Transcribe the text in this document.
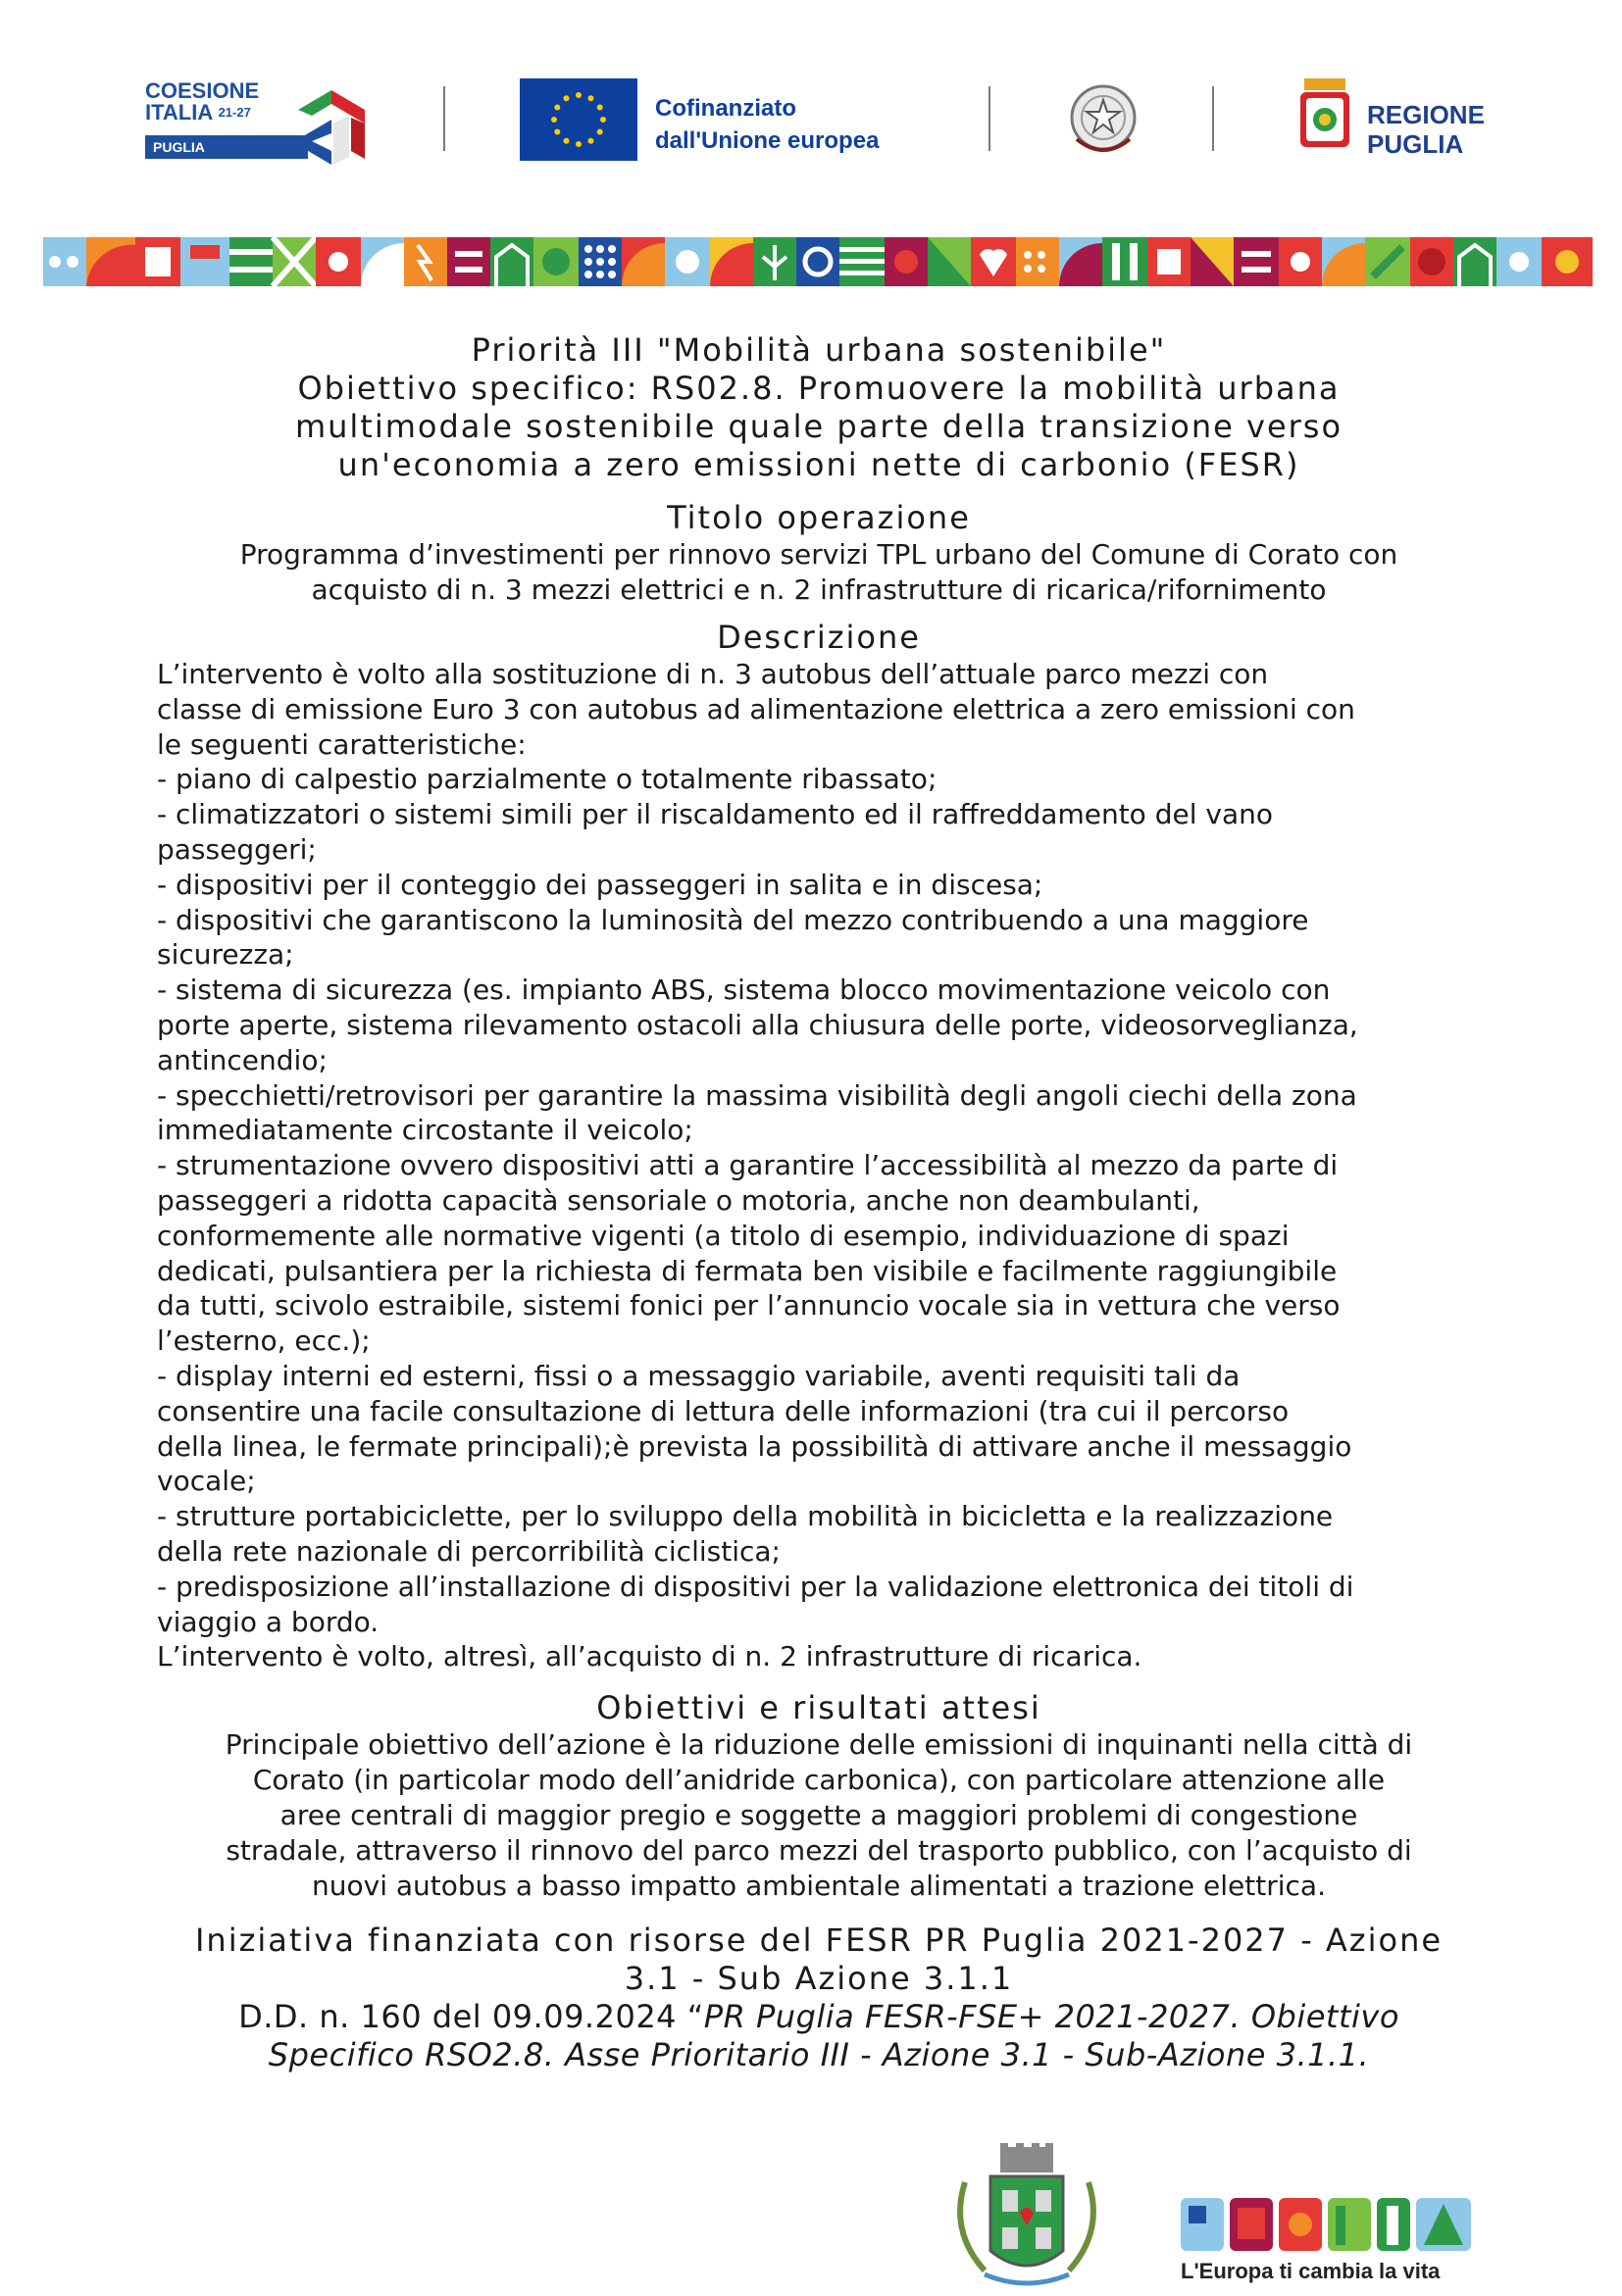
COESIONE
ITALIA $^{21-27}$
PUGLIA
Cofinanziato
dall'Unione europea
REGIONE
PUGLIA
Priorità III "Mobilità urbana sostenibile"
Obiettivo specifico: RS02.8. Promuovere la mobilità urbana
multimodale sostenibile quale parte della transizione verso
un'economia a zero emissioni nette di carbonio (FESR)
Titolo operazione
Programma d’investimenti per rinnovo servizi TPL urbano del Comune di Corato con
acquisto di n. 3 mezzi elettrici e n. 2 infrastrutture di ricarica/rifornimento
Descrizione
L’intervento è volto alla sostituzione di n. 3 autobus dell’attuale parco mezzi con
classe di emissione Euro 3 con autobus ad alimentazione elettrica a zero emissioni con
le seguenti caratteristiche:
- piano di calpestio parzialmente o totalmente ribassato;
- climatizzatori o sistemi simili per il riscaldamento ed il raffreddamento del vano
passeggeri;
- dispositivi per il conteggio dei passeggeri in salita e in discesa;
- dispositivi che garantiscono la luminosità del mezzo contribuendo a una maggiore
sicurezza;
- sistema di sicurezza (es. impianto ABS, sistema blocco movimentazione veicolo con
porte aperte, sistema rilevamento ostacoli alla chiusura delle porte, videosorveglianza,
antincendio;
- specchietti/retrovisori per garantire la massima visibilità degli angoli ciechi della zona
immediatamente circostante il veicolo;
- strumentazione ovvero dispositivi atti a garantire l’accessibilità al mezzo da parte di
passeggeri a ridotta capacità sensoriale o motoria, anche non deambulanti,
conformemente alle normative vigenti (a titolo di esempio, individuazione di spazi
dedicati, pulsantiera per la richiesta di fermata ben visibile e facilmente raggiungibile
da tutti, scivolo estraibile, sistemi fonici per l’annuncio vocale sia in vettura che verso
l’esterno, ecc.);
- display interni ed esterni, fissi o a messaggio variabile, aventi requisiti tali da
consentire una facile consultazione di lettura delle informazioni (tra cui il percorso
della linea, le fermate principali);è prevista la possibilità di attivare anche il messaggio
vocale;
- strutture portabiciclette, per lo sviluppo della mobilità in bicicletta e la realizzazione
della rete nazionale di percorribilità ciclistica;
- predisposizione all’installazione di dispositivi per la validazione elettronica dei titoli di
viaggio a bordo.
L’intervento è volto, altresì, all’acquisto di n. 2 infrastrutture di ricarica.
Obiettivi e risultati attesi
Principale obiettivo dell’azione è la riduzione delle emissioni di inquinanti nella città di
Corato (in particolar modo dell’anidride carbonica), con particolare attenzione alle
aree centrali di maggior pregio e soggette a maggiori problemi di congestione
stradale, attraverso il rinnovo del parco mezzi del trasporto pubblico, con l’acquisto di
nuovi autobus a basso impatto ambientale alimentati a trazione elettrica.
Iniziativa finanziata con risorse del FESR PR Puglia 2021-2027 - Azione
3.1 - Sub Azione 3.1.1
D.D. n. 160 del 09.09.2024 “PR Puglia FESR-FSE+ 2021-2027. Obiettivo
Specifico RSO2.8. Asse Prioritario III - Azione 3.1 - Sub-Azione 3.1.1.
L'Europa ti cambia la vita
